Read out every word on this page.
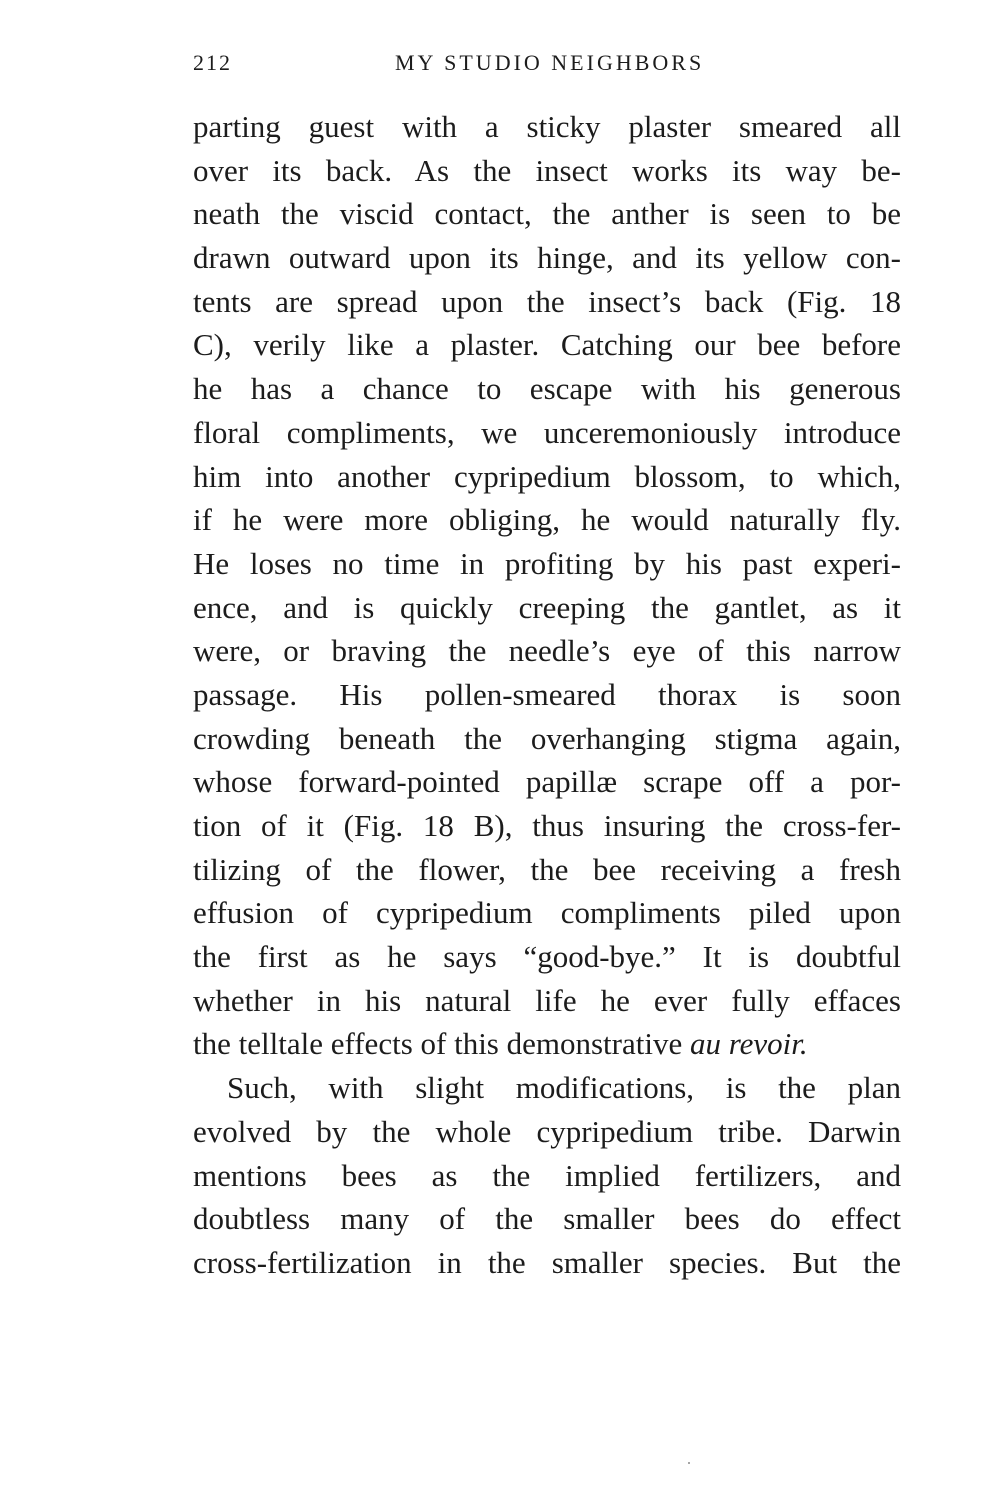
212	MY STUDIO NEIGHBORS
parting guest with a sticky plaster smeared all
over its back. As the insect works its way be-
neath the viscid contact, the anther is seen to be
drawn outward upon its hinge, and its yellow con-
tents are spread upon the insect’s back (Fig. 18
C), verily like a plaster. Catching our bee before
he has a chance to escape with his generous
floral compliments, we unceremoniously introduce
him into another cypripedium blossom, to which,
if he were more obliging, he would naturally fly.
He loses no time in profiting by his past experi-
ence, and is quickly creeping the gantlet, as it
were, or braving the needle’s eye of this narrow
passage. His pollen-smeared thorax is soon
crowding beneath the overhanging stigma again,
whose forward-pointed papillæ scrape off a por-
tion of it (Fig. 18 B), thus insuring the cross-fer-
tilizing of the flower, the bee receiving a fresh
effusion of cypripedium compliments piled upon
the first as he says “good-bye.” It is doubtful
whether in his natural life he ever fully effaces
the telltale effects of this demonstrative au revoir.
Such, with slight modifications, is the plan
evolved by the whole cypripedium tribe. Darwin
mentions bees as the implied fertilizers, and
doubtless many of the smaller bees do effect
cross-fertilization in the smaller species. But the
